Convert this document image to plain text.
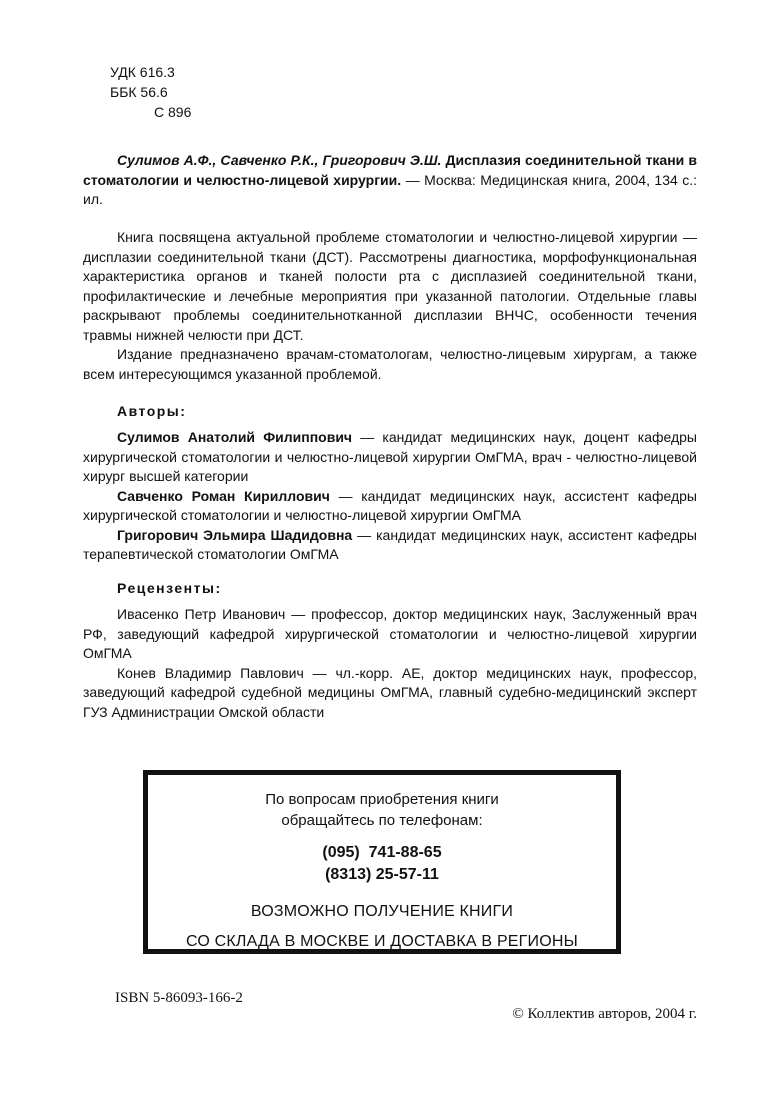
УДК 616.3
ББК 56.6
С 896

Сулимов А.Ф., Савченко Р.К., Григорович Э.Ш. Дисплазия соединительной ткани в стоматологии и челюстно-лицевой хирургии. — Москва: Медицинская книга, 2004, 134 с.: ил.

Книга посвящена актуальной проблеме стоматологии и челюстно-лицевой хирургии — дисплазии соединительной ткани (ДСТ). Рассмотрены диагностика, морфофункциональная характеристика органов и тканей полости рта с дисплазией соединительной ткани, профилактические и лечебные мероприятия при указанной патологии. Отдельные главы раскрывают проблемы соединительнотканной дисплазии ВНЧС, особенности течения травмы нижней челюсти при ДСТ.

Издание предназначено врачам-стоматологам, челюстно-лицевым хирургам, а также всем интересующимся указанной проблемой.

Авторы:

Сулимов Анатолий Филиппович — кандидат медицинских наук, доцент кафедры хирургической стоматологии и челюстно-лицевой хирургии ОмГМА, врач - челюстно-лицевой хирург высшей категории

Савченко Роман Кириллович — кандидат медицинских наук, ассистент кафедры хирургической стоматологии и челюстно-лицевой хирургии ОмГМА

Григорович Эльмира Шадидовна — кандидат медицинских наук, ассистент кафедры терапевтической стоматологии ОмГМА

Рецензенты:

Ивасенко Петр Иванович — профессор, доктор медицинских наук, Заслуженный врач РФ, заведующий кафедрой хирургической стоматологии и челюстно-лицевой хирургии ОмГМА

Конев Владимир Павлович — чл.-корр. АЕ, доктор медицинских наук, профессор, заведующий кафедрой судебной медицины ОмГМА, главный судебно-медицинский эксперт ГУЗ Администрации Омской области

По вопросам приобретения книги
обращайтесь по телефонам:
(095)  741-88-65
(8313) 25-57-11
ВОЗМОЖНО ПОЛУЧЕНИЕ КНИГИ
СО СКЛАДА В МОСКВЕ И ДОСТАВКА В РЕГИОНЫ
ISBN 5-86093-166-2
© Коллектив авторов, 2004 г.
